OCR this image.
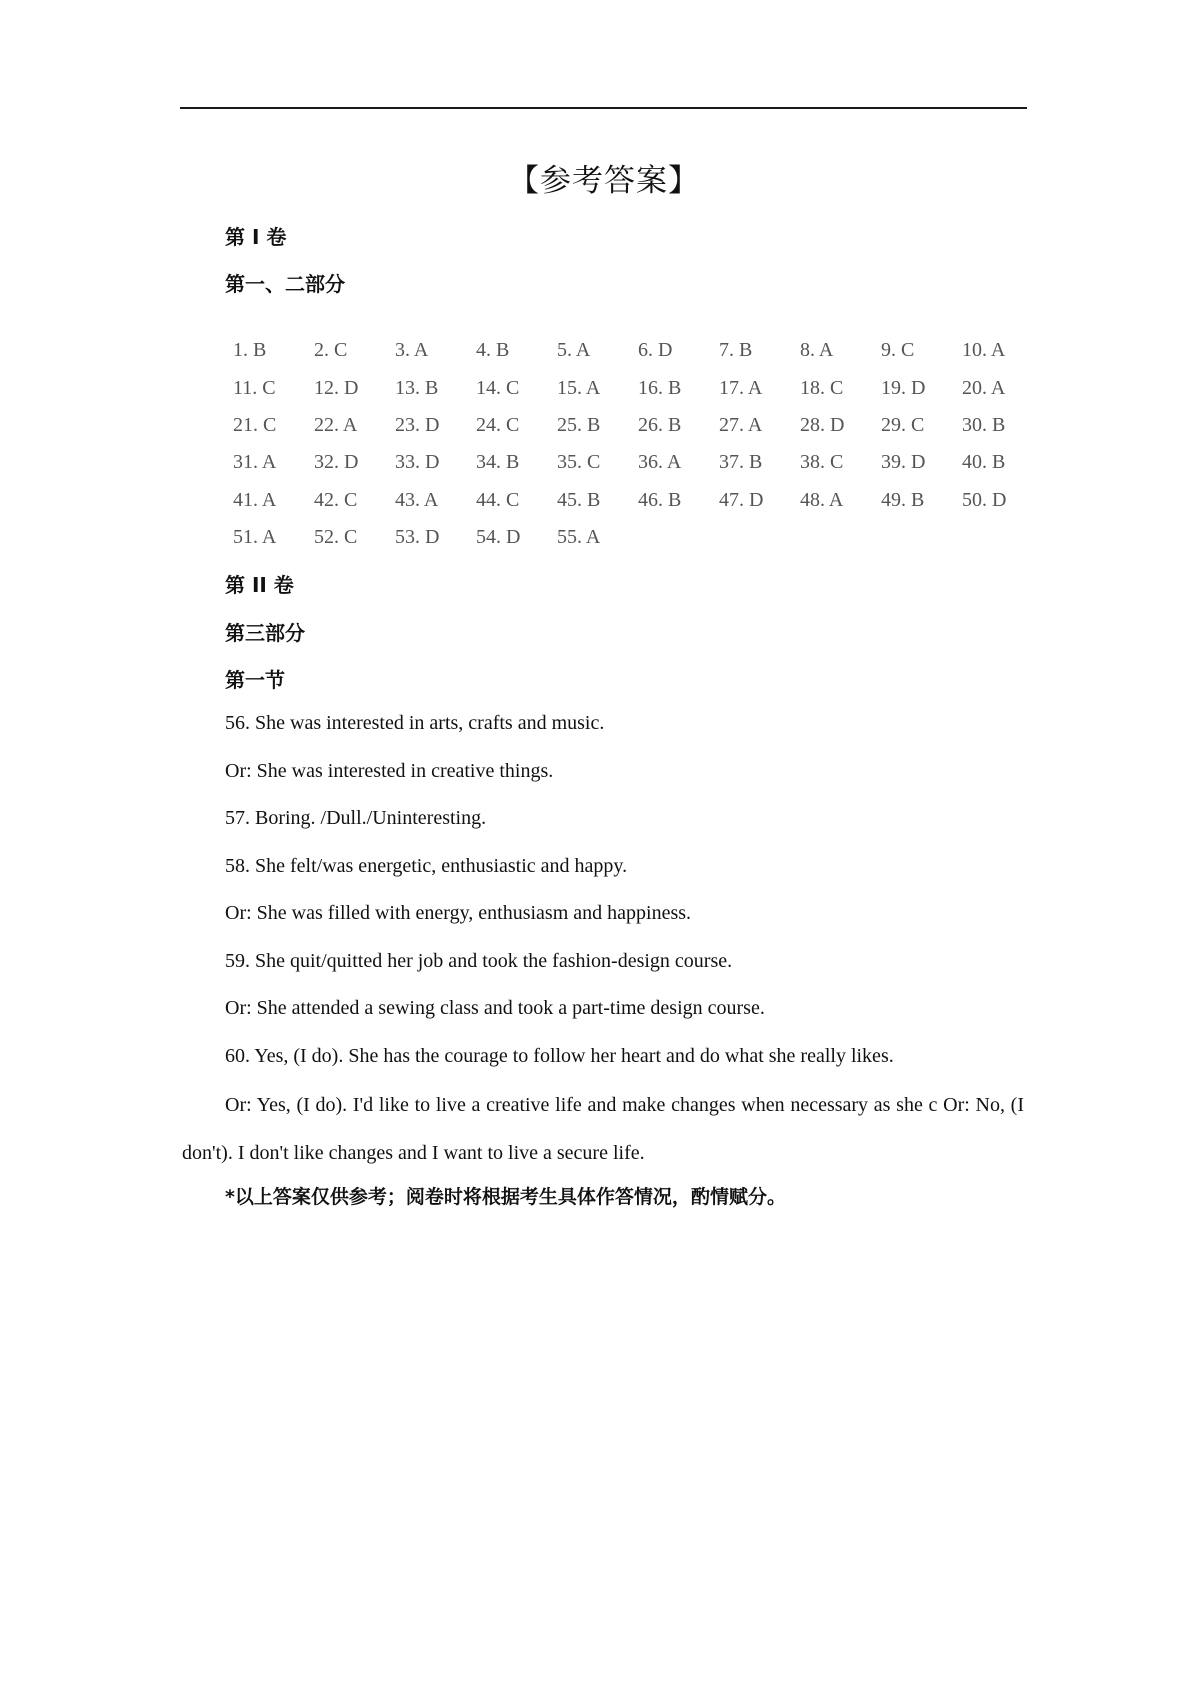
【参考答案】
第 I 卷
第一、二部分
1. B	2. C	3. A	4. B	5. A	6. D	7. B	8. A	9. C	10. A
11. C	12. D	13. B	14. C	15. A	16. B	17. A	18. C	19. D	20. A
21. C	22. A	23. D	24. C	25. B	26. B	27. A	28. D	29. C	30. B
31. A	32. D	33. D	34. B	35. C	36. A	37. B	38. C	39. D	40. B
41. A	42. C	43. A	44. C	45. B	46. B	47. D	48. A	49. B	50. D
51. A	52. C	53. D	54. D	55. A
第 II 卷
第三部分
第一节
56. She was interested in arts, crafts and music.
Or: She was interested in creative things.
57. Boring. /Dull./Uninteresting.
58. She felt/was energetic, enthusiastic and happy.
Or: She was filled with energy, enthusiasm and happiness.
59. She quit/quitted her job and took the fashion-design course.
Or: She attended a sewing class and took a part-time design course.
60. Yes, (I do). She has the courage to follow her heart and do what she really likes.
Or: Yes, (I do). I'd like to live a creative life and make changes when necessary as she c Or: No, (I don't). I don't like changes and I want to live a secure life.
*以上答案仅供参考；阅卷时将根据考生具体作答情况，酌情赋分。
